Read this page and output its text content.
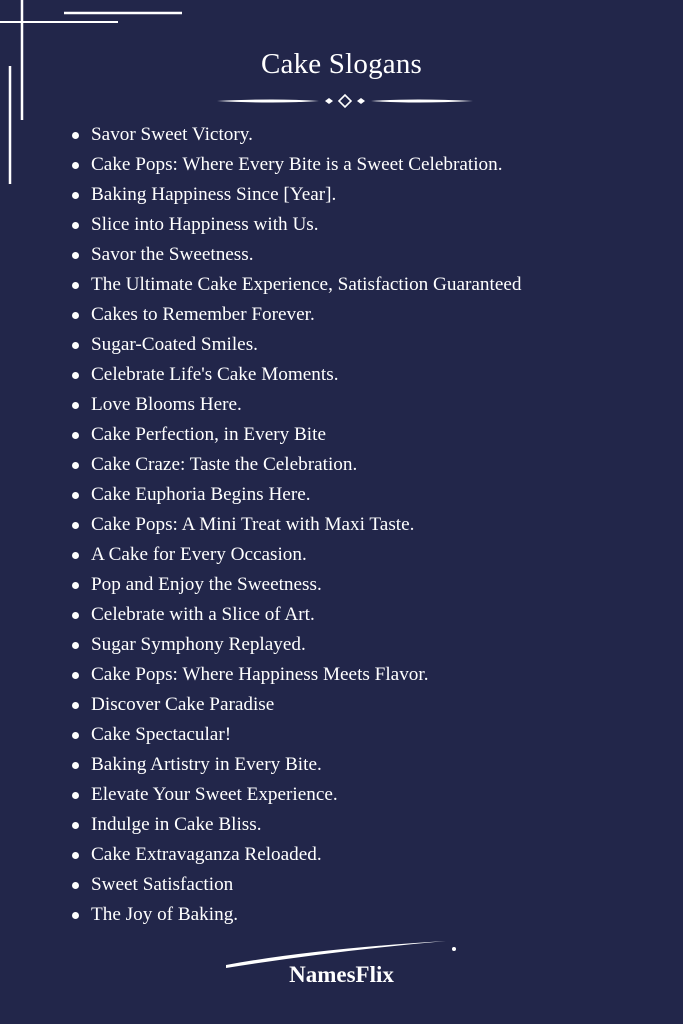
Cake Slogans
Savor Sweet Victory.
Cake Pops: Where Every Bite is a Sweet Celebration.
Baking Happiness Since [Year].
Slice into Happiness with Us.
Savor the Sweetness.
The Ultimate Cake Experience, Satisfaction Guaranteed
Cakes to Remember Forever.
Sugar-Coated Smiles.
Celebrate Life's Cake Moments.
Love Blooms Here.
Cake Perfection, in Every Bite
Cake Craze: Taste the Celebration.
Cake Euphoria Begins Here.
Cake Pops: A Mini Treat with Maxi Taste.
A Cake for Every Occasion.
Pop and Enjoy the Sweetness.
Celebrate with a Slice of Art.
Sugar Symphony Replayed.
Cake Pops: Where Happiness Meets Flavor.
Discover Cake Paradise
Cake Spectacular!
Baking Artistry in Every Bite.
Elevate Your Sweet Experience.
Indulge in Cake Bliss.
Cake Extravaganza Reloaded.
Sweet Satisfaction
The Joy of Baking.
NamesFlix
